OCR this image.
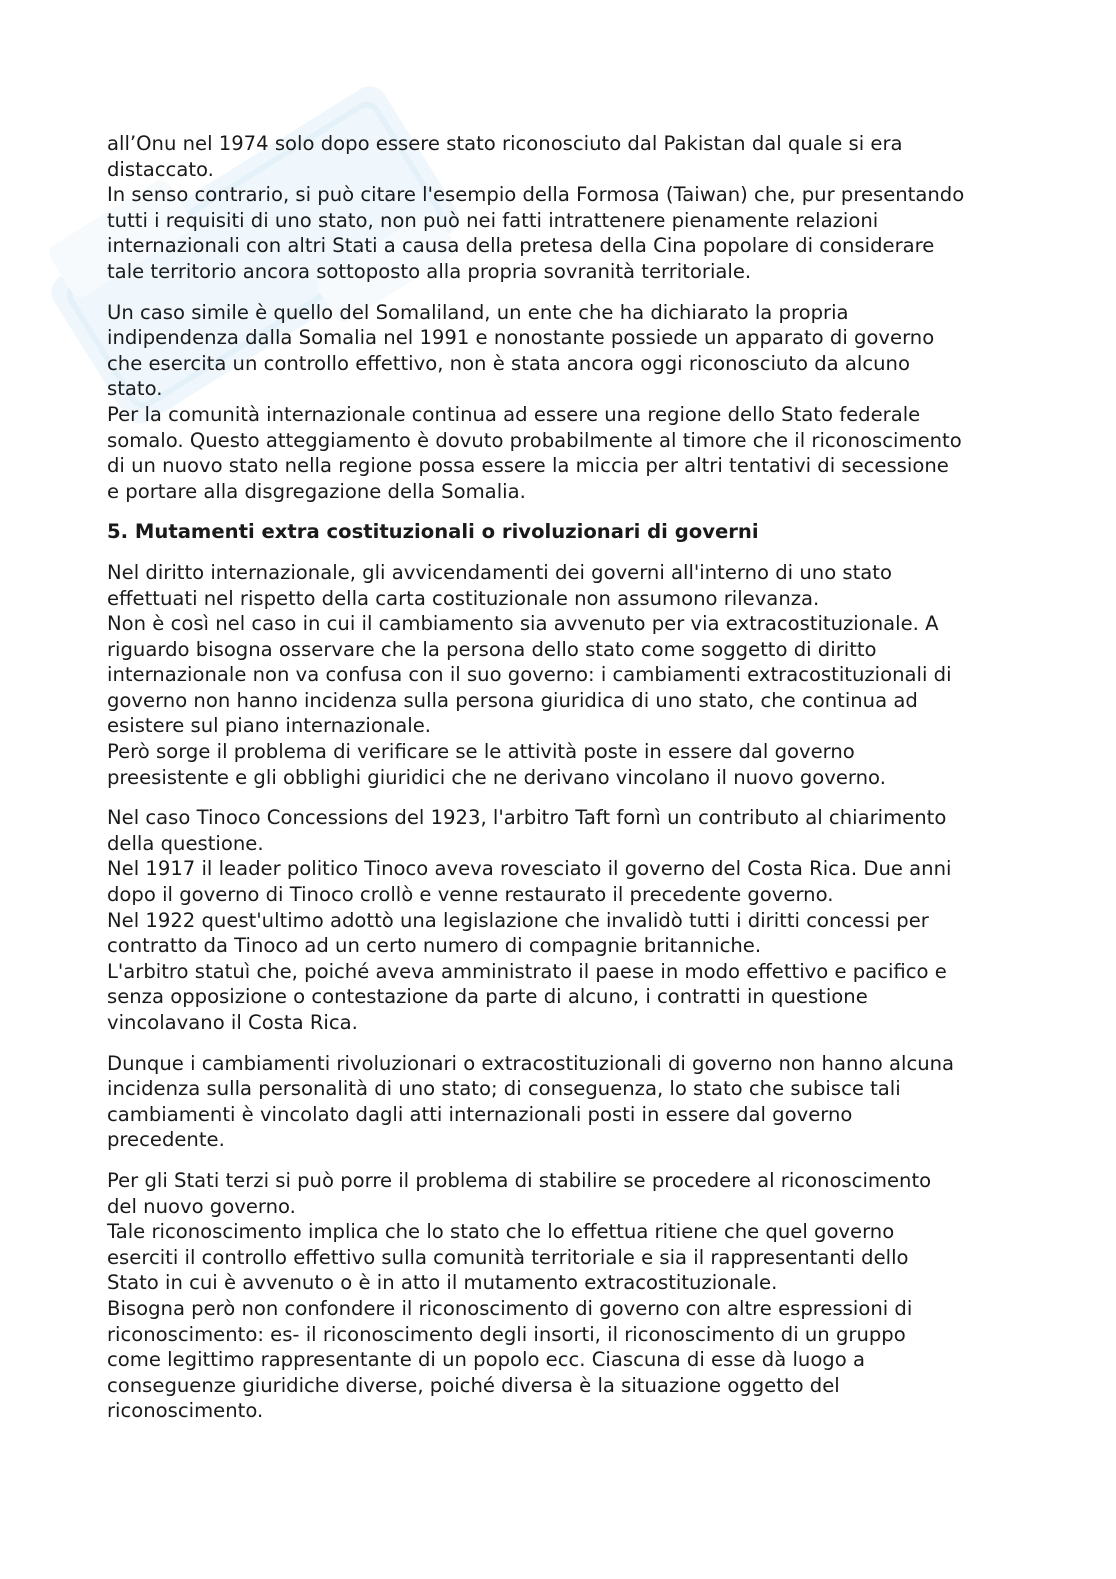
all’Onu nel 1974 solo dopo essere stato riconosciuto dal Pakistan dal quale si era
distaccato.
In senso contrario, si può citare l'esempio della Formosa (Taiwan) che, pur presentando
tutti i requisiti di uno stato, non può nei fatti intrattenere pienamente relazioni
internazionali con altri Stati a causa della pretesa della Cina popolare di considerare
tale territorio ancora sottoposto alla propria sovranità territoriale.
Un caso simile è quello del Somaliland, un ente che ha dichiarato la propria
indipendenza dalla Somalia nel 1991 e nonostante possiede un apparato di governo
che esercita un controllo effettivo, non è stata ancora oggi riconosciuto da alcuno
stato.
Per la comunità internazionale continua ad essere una regione dello Stato federale
somalo. Questo atteggiamento è dovuto probabilmente al timore che il riconoscimento
di un nuovo stato nella regione possa essere la miccia per altri tentativi di secessione
e portare alla disgregazione della Somalia.
5. Mutamenti extra costituzionali o rivoluzionari di governi
Nel diritto internazionale, gli avvicendamenti dei governi all'interno di uno stato
effettuati nel rispetto della carta costituzionale non assumono rilevanza.
Non è così nel caso in cui il cambiamento sia avvenuto per via extracostituzionale. A
riguardo bisogna osservare che la persona dello stato come soggetto di diritto
internazionale non va confusa con il suo governo: i cambiamenti extracostituzionali di
governo non hanno incidenza sulla persona giuridica di uno stato, che continua ad
esistere sul piano internazionale.
Però sorge il problema di verificare se le attività poste in essere dal governo
preesistente e gli obblighi giuridici che ne derivano vincolano il nuovo governo.
Nel caso Tinoco Concessions del 1923, l'arbitro Taft fornì un contributo al chiarimento
della questione.
Nel 1917 il leader politico Tinoco aveva rovesciato il governo del Costa Rica. Due anni
dopo il governo di Tinoco crollò e venne restaurato il precedente governo.
Nel 1922 quest'ultimo adottò una legislazione che invalidò tutti i diritti concessi per
contratto da Tinoco ad un certo numero di compagnie britanniche.
L'arbitro statuì che, poiché aveva amministrato il paese in modo effettivo e pacifico e
senza opposizione o contestazione da parte di alcuno, i contratti in questione
vincolavano il Costa Rica.
Dunque i cambiamenti rivoluzionari o extracostituzionali di governo non hanno alcuna
incidenza sulla personalità di uno stato; di conseguenza, lo stato che subisce tali
cambiamenti è vincolato dagli atti internazionali posti in essere dal governo
precedente.
Per gli Stati terzi si può porre il problema di stabilire se procedere al riconoscimento
del nuovo governo.
Tale riconoscimento implica che lo stato che lo effettua ritiene che quel governo
eserciti il controllo effettivo sulla comunità territoriale e sia il rappresentanti dello
Stato in cui è avvenuto o è in atto il mutamento extracostituzionale.
Bisogna però non confondere il riconoscimento di governo con altre espressioni di
riconoscimento: es- il riconoscimento degli insorti, il riconoscimento di un gruppo
come legittimo rappresentante di un popolo ecc. Ciascuna di esse dà luogo a
conseguenze giuridiche diverse, poiché diversa è la situazione oggetto del
riconoscimento.
